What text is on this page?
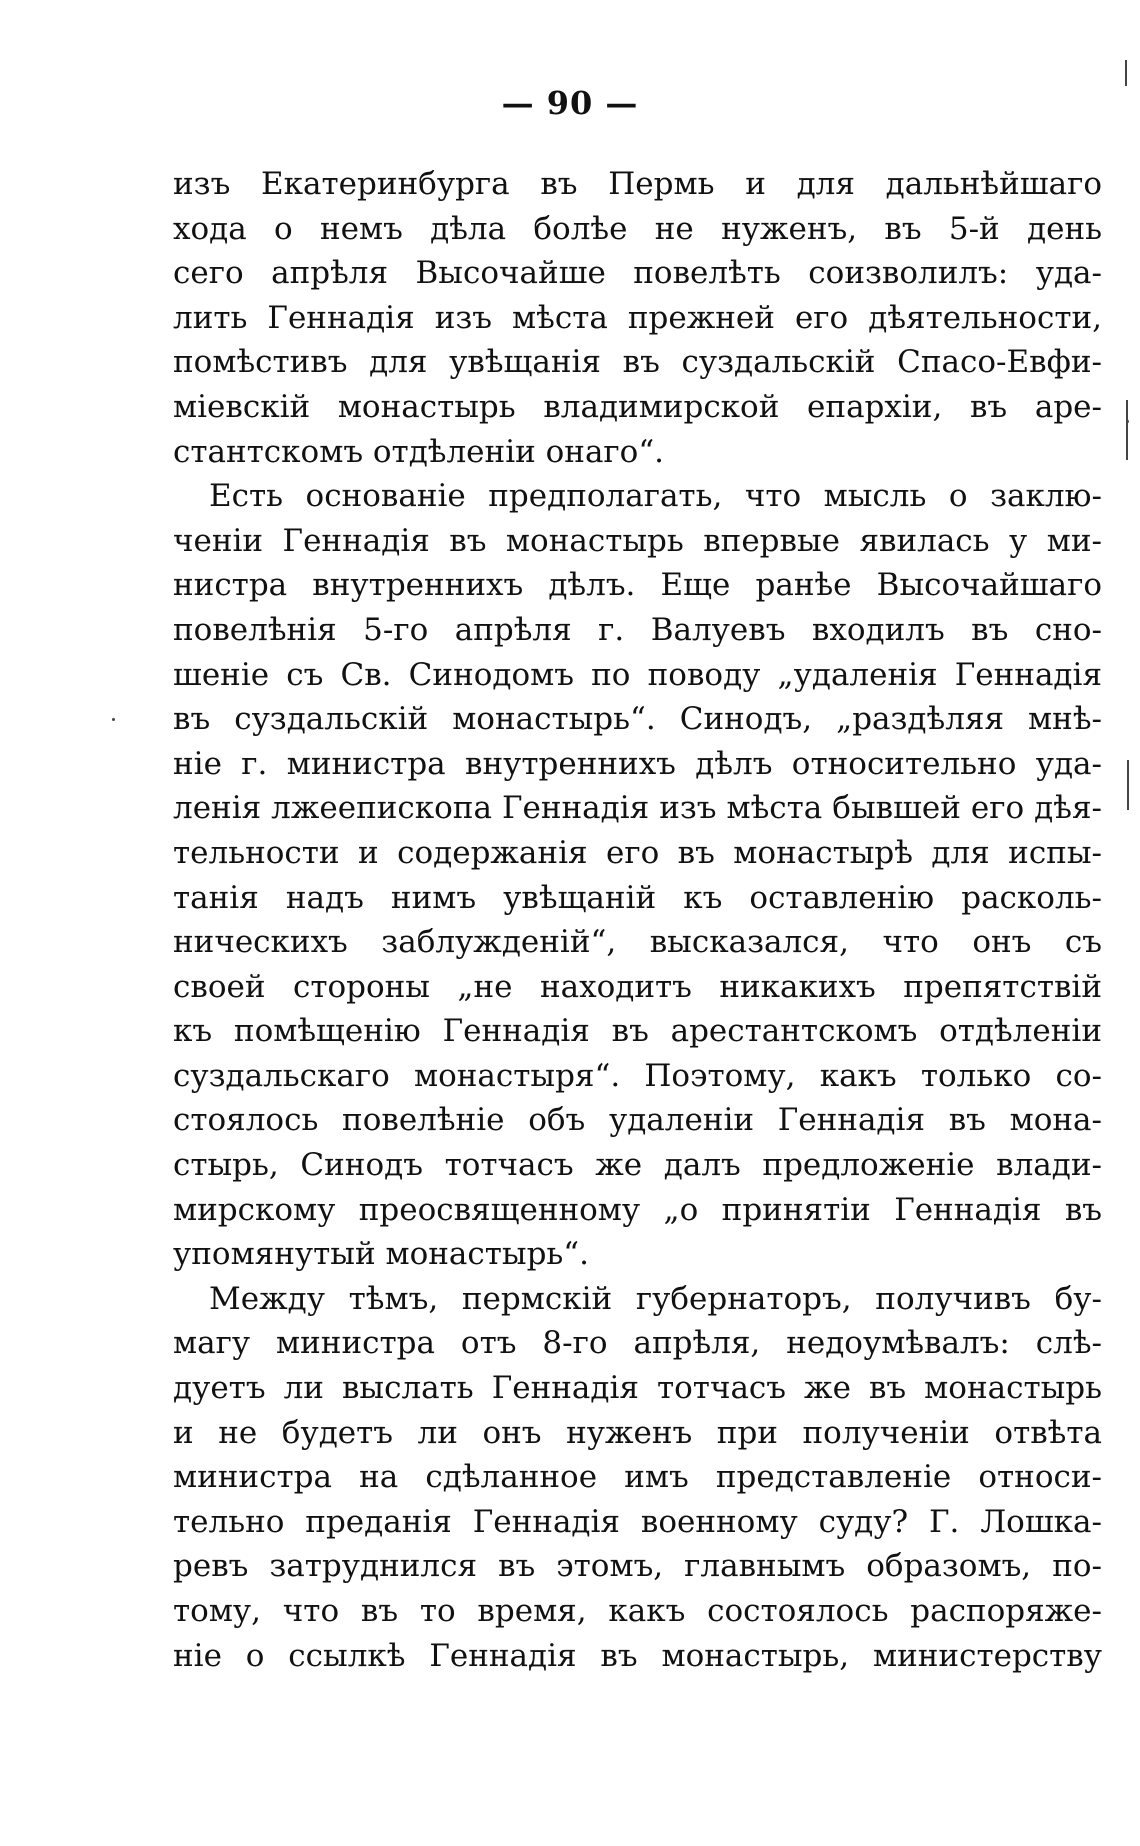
— 90 —
изъ Екатеринбурга въ Пермь и для дальнѣйшаго
хода о немъ дѣла болѣе не нуженъ, въ 5-й день
сего апрѣля Высочайше повелѣть соизволилъ: уда-
лить Геннадія изъ мѣста прежней его дѣятельности,
помѣстивъ для увѣщанія въ суздальскій Спасо-Евфи-
міевскій монастырь владимирской епархіи, въ аре-
стантскомъ отдѣленіи онаго“.
Есть основаніе предполагать, что мысль о заклю-
ченіи Геннадія въ монастырь впервые явилась у ми-
нистра внутреннихъ дѣлъ. Еще ранѣе Высочайшаго
повелѣнія 5-го апрѣля г. Валуевъ входилъ въ сно-
шеніе съ Св. Синодомъ по поводу „удаленія Геннадія
въ суздальскій монастырь“. Синодъ, „раздѣляя мнѣ-
ніе г. министра внутреннихъ дѣлъ относительно уда-
ленія лжеепископа Геннадія изъ мѣста бывшей его дѣя-
тельности и содержанія его въ монастырѣ для испы-
танія надъ нимъ увѣщаній къ оставленію расколь-
ническихъ заблужденій“, высказался, что онъ съ
своей стороны „не находитъ никакихъ препятствій
къ помѣщенію Геннадія въ арестантскомъ отдѣленіи
суздальскаго монастыря“. Поэтому, какъ только со-
стоялось повелѣніе объ удаленіи Геннадія въ мона-
стырь, Синодъ тотчасъ же далъ предложеніе влади-
мирскому преосвященному „о принятіи Геннадія въ
упомянутый монастырь“.
Между тѣмъ, пермскій губернаторъ, получивъ бу-
магу министра отъ 8-го апрѣля, недоумѣвалъ: слѣ-
дуетъ ли выслать Геннадія тотчасъ же въ монастырь
и не будетъ ли онъ нуженъ при полученіи отвѣта
министра на сдѣланное имъ представленіе относи-
тельно преданія Геннадія военному суду? Г. Лошка-
ревъ затруднился въ этомъ, главнымъ образомъ, по-
тому, что въ то время, какъ состоялось распоряже-
ніе о ссылкѣ Геннадія въ монастырь, министерству
